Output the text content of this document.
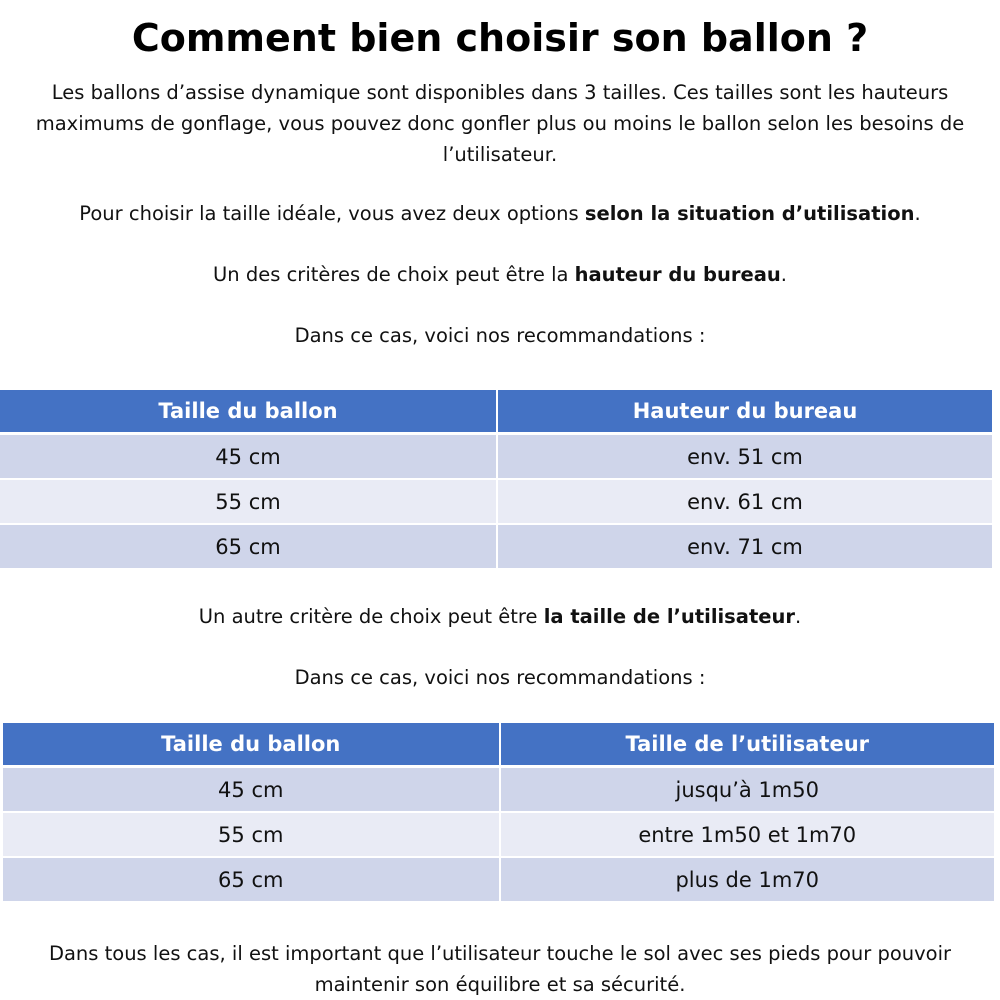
Comment bien choisir son ballon ?

Les ballons d’assise dynamique sont disponibles dans 3 tailles. Ces tailles sont les hauteurs maximums de gonflage, vous pouvez donc gonfler plus ou moins le ballon selon les besoins de l’utilisateur.

Pour choisir la taille idéale, vous avez deux options selon la situation d’utilisation.

Un des critères de choix peut être la hauteur du bureau.

Dans ce cas, voici nos recommandations :

Taille du ballon	Hauteur du bureau
45 cm	env. 51 cm
55 cm	env. 61 cm
65 cm	env. 71 cm

Un autre critère de choix peut être la taille de l’utilisateur.

Dans ce cas, voici nos recommandations :

Taille du ballon	Taille de l’utilisateur
45 cm	jusqu’à 1m50
55 cm	entre 1m50 et 1m70
65 cm	plus de 1m70

Dans tous les cas, il est important que l’utilisateur touche le sol avec ses pieds pour pouvoir maintenir son équilibre et sa sécurité.
